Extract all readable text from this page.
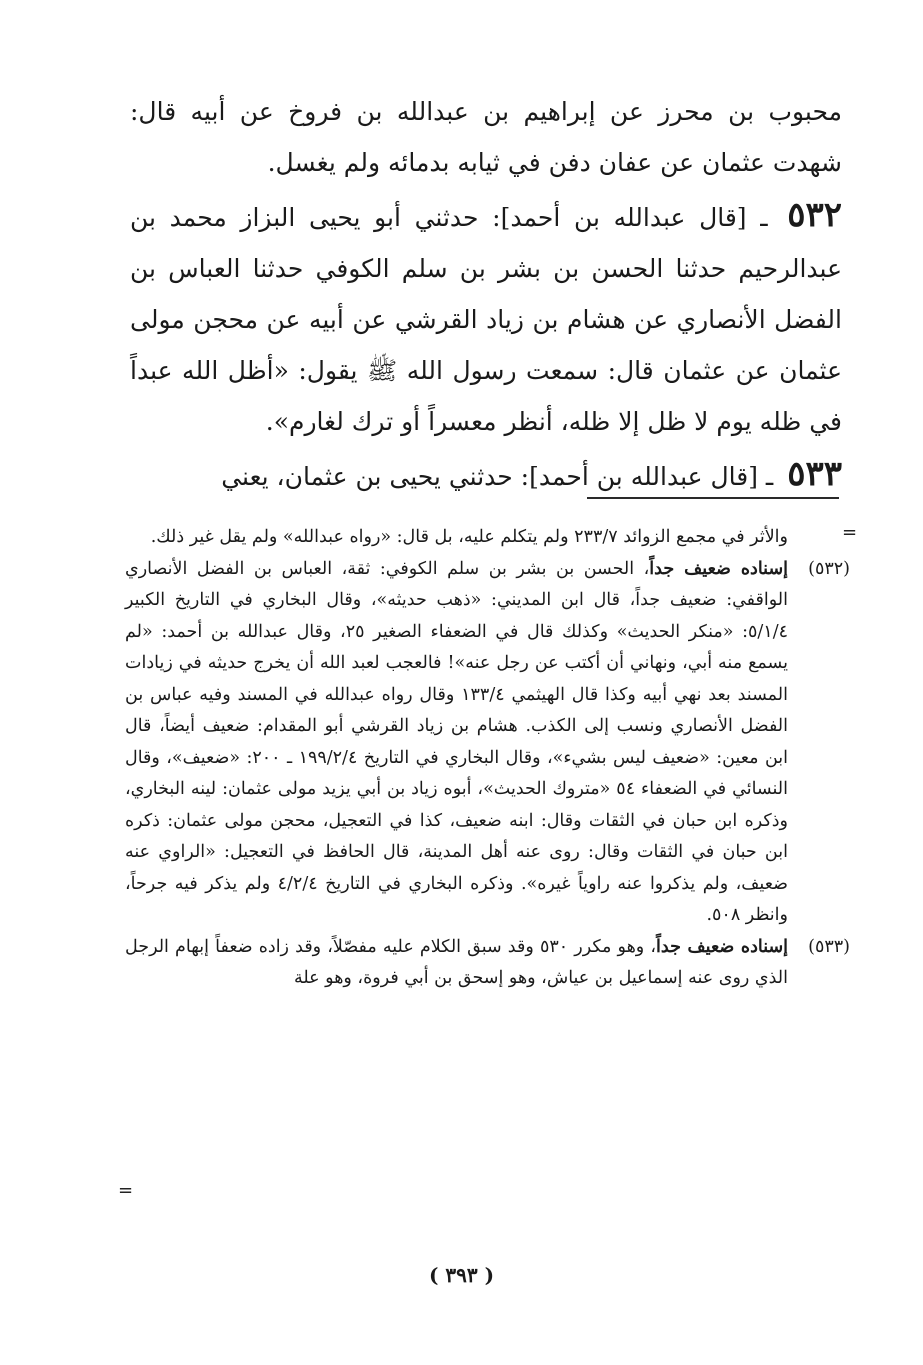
محبوب بن محرز عن إبراهيم بن عبدالله بن فروخ عن أبيه قال: شهدت عثمان عن عفان دفن في ثيابه بدمائه ولم يغسل.

٥٣٢ ـ [قال عبدالله بن أحمد]: حدثني أبو يحيى البزاز محمد بن عبدالرحيم حدثنا الحسن بن بشر بن سلم الكوفي حدثنا العباس بن الفضل الأنصاري عن هشام بن زياد القرشي عن أبيه عن محجن مولى عثمان عن عثمان قال: سمعت رسول الله ﷺ يقول: «أظل الله عبداً في ظله يوم لا ظل إلا ظله، أنظر معسراً أو ترك لغارم».

٥٣٣ ـ [قال عبدالله بن أحمد]: حدثني يحيى بن عثمان، يعني

=

والأثر في مجمع الزوائد ٢٣٣/٧ ولم يتكلم عليه، بل قال: «رواه عبدالله» ولم يقل غير ذلك.

(٥٣٢)
إسناده ضعيف جداً، الحسن بن بشر بن سلم الكوفي: ثقة، العباس بن الفضل الأنصاري الواقفي: ضعيف جداً، قال ابن المديني: «ذهب حديثه»، وقال البخاري في التاريخ الكبير ٥/١/٤: «منكر الحديث» وكذلك قال في الضعفاء الصغير ٢٥، وقال عبدالله بن أحمد: «لم يسمع منه أبي، ونهاني أن أكتب عن رجل عنه»! فالعجب لعبد الله أن يخرج حديثه في زيادات المسند بعد نهي أبيه وكذا قال الهيثمي ١٣٣/٤ وقال رواه عبدالله في المسند وفيه عباس بن الفضل الأنصاري ونسب إلى الكذب. هشام بن زياد القرشي أبو المقدام: ضعيف أيضاً، قال ابن معين: «ضعيف ليس بشيء»، وقال البخاري في التاريخ ١٩٩/٢/٤ ـ ٢٠٠: «ضعيف»، وقال النسائي في الضعفاء ٥٤ «متروك الحديث»، أبوه زياد بن أبي يزيد مولى عثمان: لينه البخاري، وذكره ابن حبان في الثقات وقال: ابنه ضعيف، كذا في التعجيل، محجن مولى عثمان: ذكره ابن حبان في الثقات وقال: روى عنه أهل المدينة، قال الحافظ في التعجيل: «الراوي عنه ضعيف، ولم يذكروا عنه راوياً غيره». وذكره البخاري في التاريخ ٤/٢/٤ ولم يذكر فيه جرحاً، وانظر ٥٠٨.

(٥٣٣)
إسناده ضعيف جداً، وهو مكرر ٥٣٠ وقد سبق الكلام عليه مفصّلاً، وقد زاده ضعفاً إبهام الرجل الذي روى عنه إسماعيل بن عياش، وهو إسحق بن أبي فروة، وهو علة

=
( ٣٩٣ )
